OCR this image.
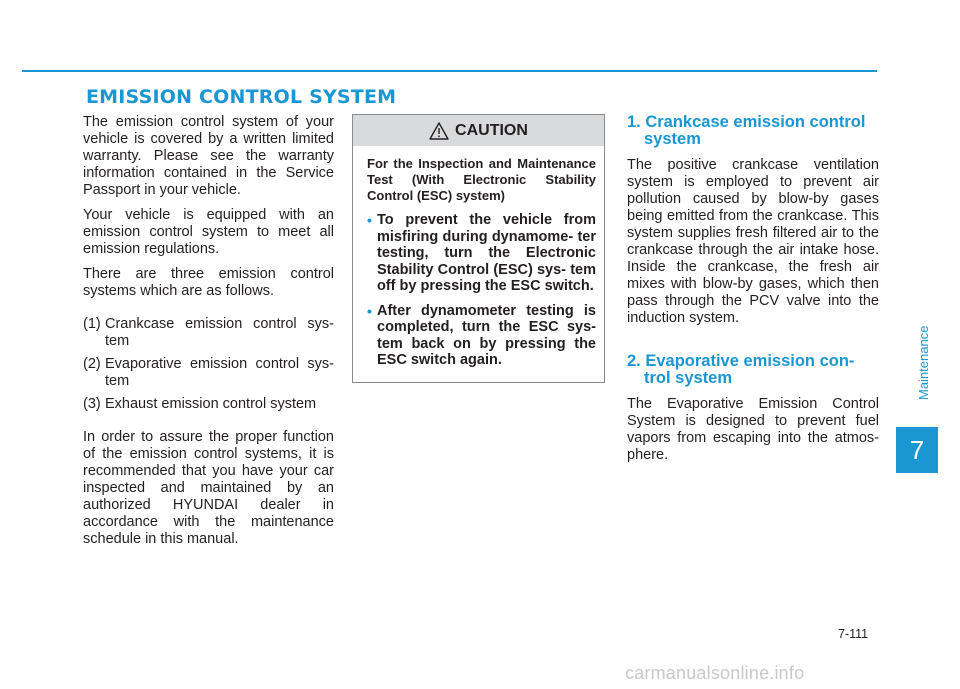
EMISSION CONTROL SYSTEM

The emission control system of your vehicle is covered by a written limited warranty. Please see the warranty information contained in the Service Passport in your vehicle.

Your vehicle is equipped with an emission control system to meet all emission regulations.

There are three emission control systems which are as follows.

(1) Crankcase emission control sys- tem
(2) Evaporative emission control sys- tem
(3) Exhaust emission control system

In order to assure the proper function of the emission control systems, it is recommended that you have your car inspected and maintained by an authorized HYUNDAI dealer in accordance with the maintenance schedule in this manual.

CAUTION

For the Inspection and Maintenance Test (With Electronic Stability Control (ESC) system)

• To prevent the vehicle from misfiring during dynamome- ter testing, turn the Electronic Stability Control (ESC) sys- tem off by pressing the ESC switch.
• After dynamometer testing is completed, turn the ESC sys- tem back on by pressing the ESC switch again.
1. Crankcase emission control system

The positive crankcase ventilation system is employed to prevent air pollution caused by blow-by gases being emitted from the crankcase. This system supplies fresh filtered air to the crankcase through the air intake hose. Inside the crankcase, the fresh air mixes with blow-by gases, which then pass through the PCV valve into the induction system.

2. Evaporative emission con- trol system

The Evaporative Emission Control System is designed to prevent fuel vapors from escaping into the atmos- phere.

Maintenance
7
7-111
carmanualsonline.info
